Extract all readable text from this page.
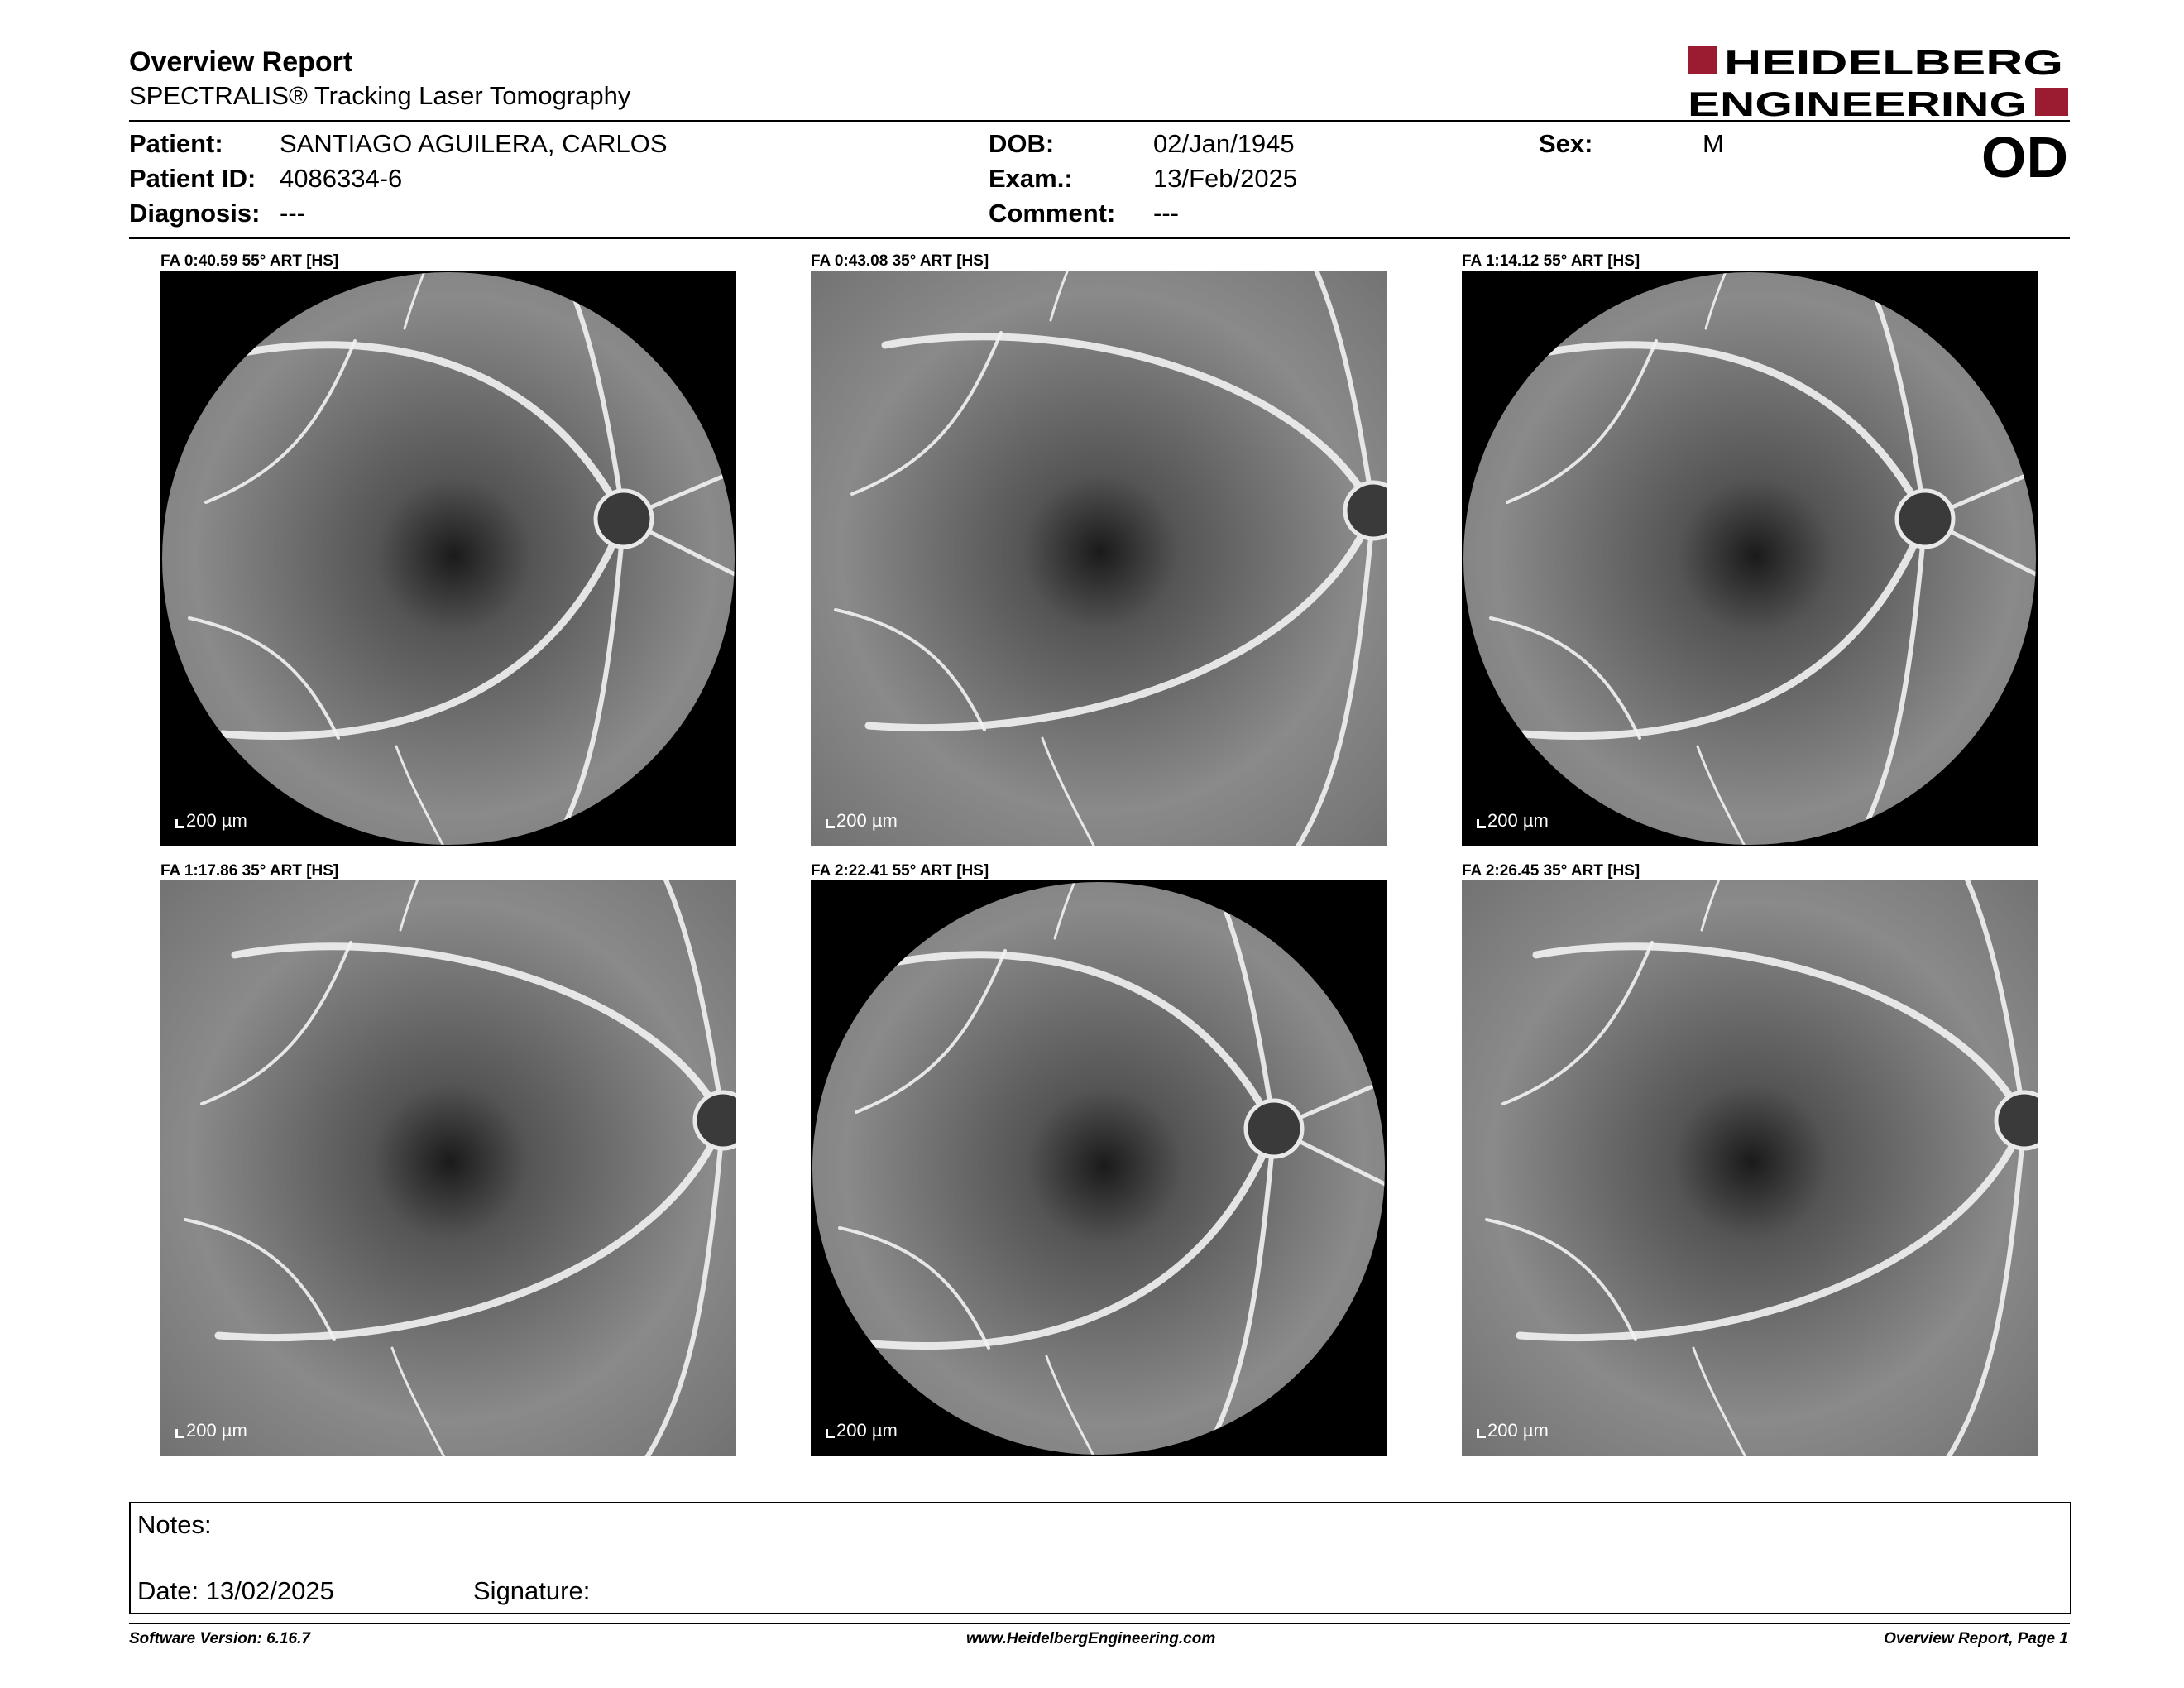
Overview Report
SPECTRALIS® Tracking Laser Tomography
HEIDELBERG
ENGINEERING
Patient: SANTIAGO AGUILERA, CARLOS
Patient ID: 4086334-6
Diagnosis: ---
DOB:	02/Jan/1945
Exam.:	13/Feb/2025
Comment: ---
Sex:	M	OD
FA 0:40.59 55° ART [HS]
200 µm
FA 0:43.08 35° ART [HS]
200 µm
FA 1:14.12 55° ART [HS]
200 µm
FA 1:17.86 35° ART [HS]
200 µm
FA 2:22.41 55° ART [HS]
200 µm
FA 2:26.45 35° ART [HS]
200 µm
Notes:
Date: 13/02/2025	Signature:
Software Version: 6.16.7	www.HeidelbergEngineering.com	Overview Report, Page 1
